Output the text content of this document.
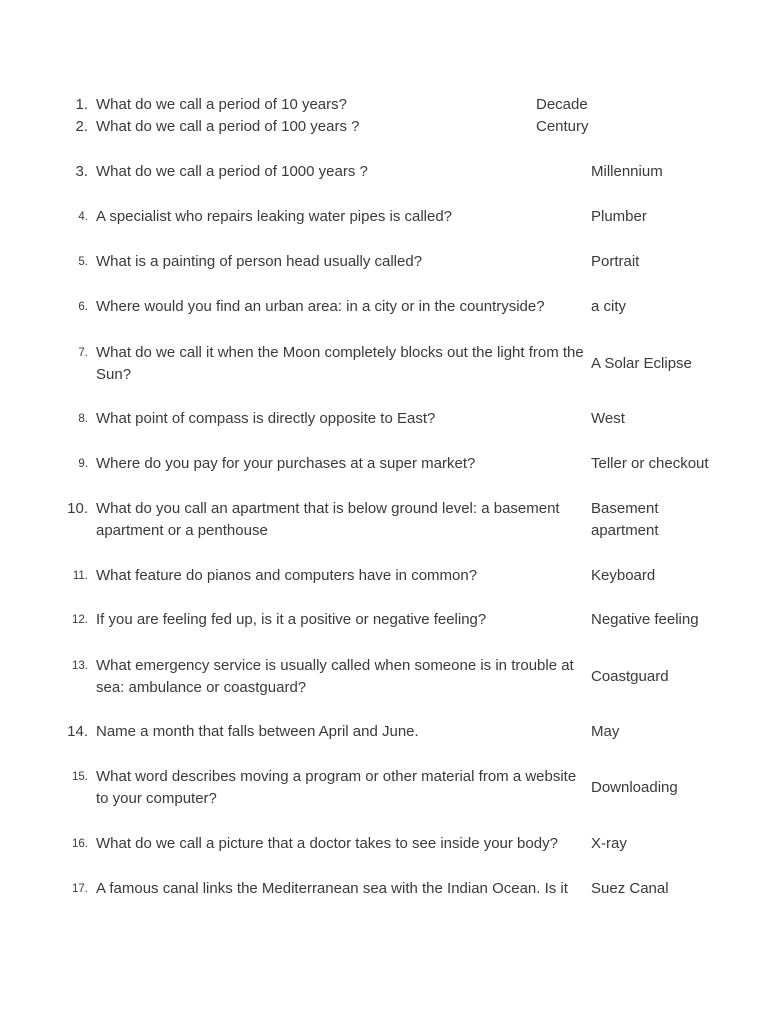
1. What do we call a period of 10 years?	Decade
2. What do we call a period of 100 years ?	Century
3. What do we call a period of 1000 years ?	Millennium
4. A specialist who repairs leaking water pipes is called?	Plumber
5. What is a painting of person head usually called?	Portrait
6. Where would you find an urban area: in a city or in the countryside?	a city
7. What do we call it when the Moon completely blocks out the light from the Sun?
A Solar Eclipse
8. What point of compass is directly opposite to East?	West
9. Where do you pay for your purchases at a super market?	Teller or checkout
10. What do you call an apartment that is below ground level: a basement apartment or a penthouse
Basement apartment
11. What feature do pianos and computers have in common?	Keyboard
12. If you are feeling fed up, is it a positive or negative feeling?	Negative feeling
13. What emergency service is usually called when someone is in trouble at sea: ambulance or coastguard?
Coastguard
14. Name a month that falls between April and June.	May
15. What word describes moving a program or other material from a website to your computer?
Downloading
16. What do we call a picture that a doctor takes to see inside your body?	X-ray
17. A famous canal links the Mediterranean sea with the Indian Ocean. Is it	Suez Canal
